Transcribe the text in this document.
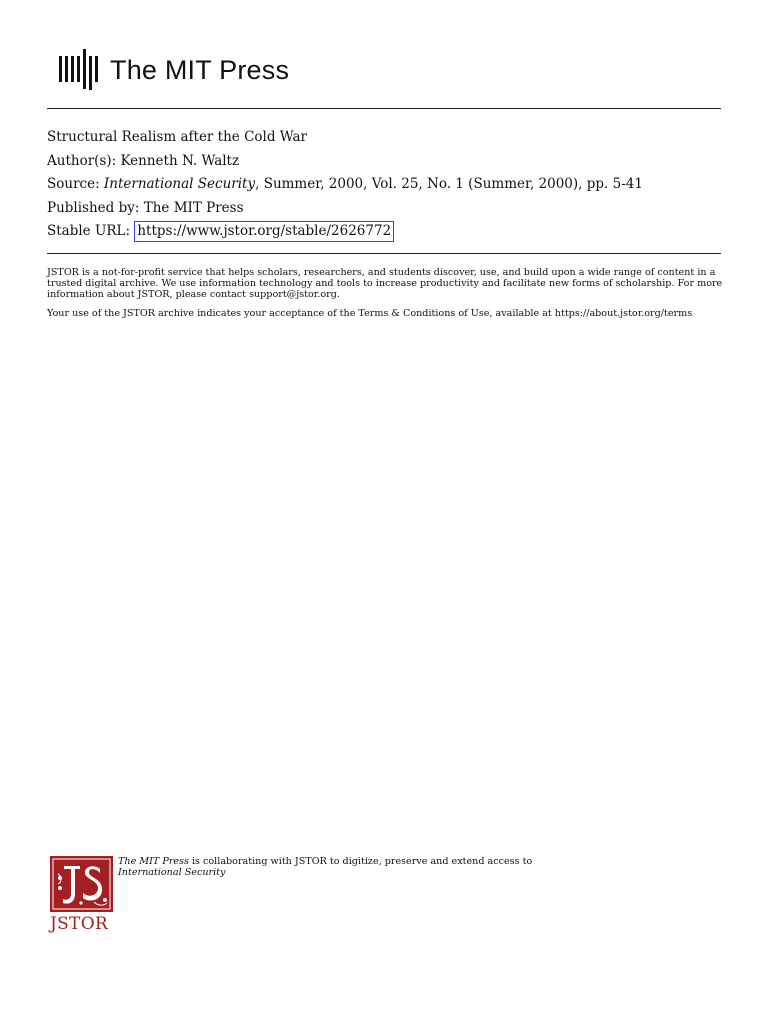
The MIT Press
Structural Realism after the Cold War
Author(s): Kenneth N. Waltz
Source: International Security, Summer, 2000, Vol. 25, No. 1 (Summer, 2000), pp. 5-41
Published by: The MIT Press
Stable URL: https://www.jstor.org/stable/2626772

JSTOR is a not-for-profit service that helps scholars, researchers, and students discover, use, and build upon a wide range of content in a trusted digital archive. We use information technology and tools to increase productivity and facilitate new forms of scholarship. For more information about JSTOR, please contact support@jstor.org.

Your use of the JSTOR archive indicates your acceptance of the Terms & Conditions of Use, available at https://about.jstor.org/terms

JSTOR
The MIT Press is collaborating with JSTOR to digitize, preserve and extend access to
International Security
